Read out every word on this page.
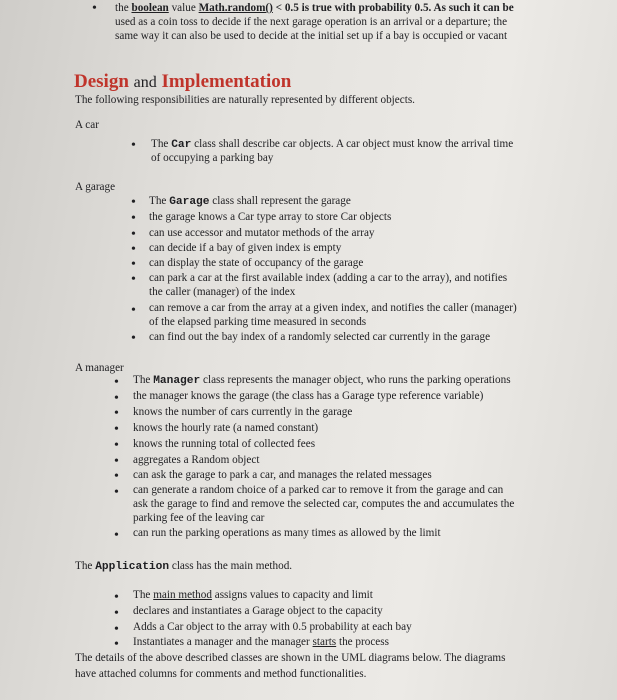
• the boolean value Math.random() < 0.5 is true with probability 0.5. As such it can be
used as a coin toss to decide if the next garage operation is an arrival or a departure; the
same way it can also be used to decide at the initial set up if a bay is occupied or vacant
Design and Implementation
The following responsibilities are naturally represented by different objects.
A car
• The Car class shall describe car objects. A car object must know the arrival time
of occupying a parking bay
A garage
• The Garage class shall represent the garage
• the garage knows a Car type array to store Car objects
• can use accessor and mutator methods of the array
• can decide if a bay of given index is empty
• can display the state of occupancy of the garage
• can park a car at the first available index (adding a car to the array), and notifies
the caller (manager) of the index
• can remove a car from the array at a given index, and notifies the caller (manager)
of the elapsed parking time measured in seconds
• can find out the bay index of a randomly selected car currently in the garage
A manager
• The Manager class represents the manager object, who runs the parking operations
• the manager knows the garage (the class has a Garage type reference variable)
• knows the number of cars currently in the garage
• knows the hourly rate (a named constant)
• knows the running total of collected fees
• aggregates a Random object
• can ask the garage to park a car, and manages the related messages
• can generate a random choice of a parked car to remove it from the garage and can
ask the garage to find and remove the selected car, computes the and accumulates the
parking fee of the leaving car
• can run the parking operations as many times as allowed by the limit
The Application class has the main method.
• The main method assigns values to capacity and limit
• declares and instantiates a Garage object to the capacity
• Adds a Car object to the array with 0.5 probability at each bay
• Instantiates a manager and the manager starts the process
The details of the above described classes are shown in the UML diagrams below. The diagrams
have attached columns for comments and method functionalities.
